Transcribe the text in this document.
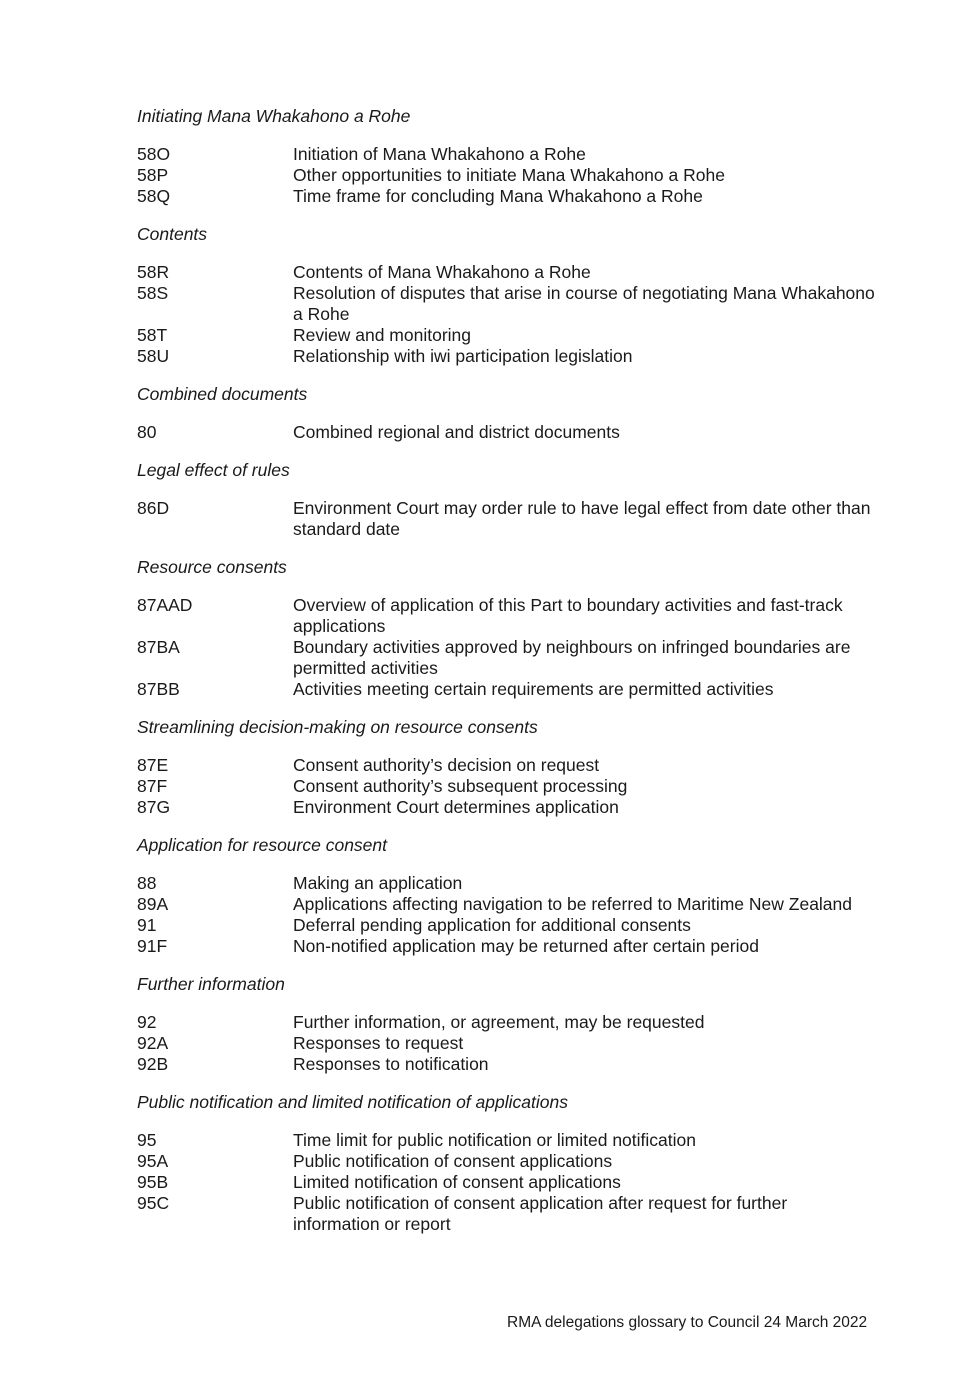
Initiating Mana Whakahono a Rohe
58O	Initiation of Mana Whakahono a Rohe
58P	Other opportunities to initiate Mana Whakahono a Rohe
58Q	Time frame for concluding Mana Whakahono a Rohe
Contents
58R	Contents of Mana Whakahono a Rohe
58S	Resolution of disputes that arise in course of negotiating Mana Whakahono a Rohe
58T	Review and monitoring
58U	Relationship with iwi participation legislation
Combined documents
80	Combined regional and district documents
Legal effect of rules
86D	Environment Court may order rule to have legal effect from date other than standard date
Resource consents
87AAD	Overview of application of this Part to boundary activities and fast-track applications
87BA	Boundary activities approved by neighbours on infringed boundaries are permitted activities
87BB	Activities meeting certain requirements are permitted activities
Streamlining decision-making on resource consents
87E	Consent authority’s decision on request
87F	Consent authority’s subsequent processing
87G	Environment Court determines application
Application for resource consent
88	Making an application
89A	Applications affecting navigation to be referred to Maritime New Zealand
91	Deferral pending application for additional consents
91F	Non-notified application may be returned after certain period
Further information
92	Further information, or agreement, may be requested
92A	Responses to request
92B	Responses to notification
Public notification and limited notification of applications
95	Time limit for public notification or limited notification
95A	Public notification of consent applications
95B	Limited notification of consent applications
95C	Public notification of consent application after request for further information or report
RMA delegations glossary to Council 24 March 2022
